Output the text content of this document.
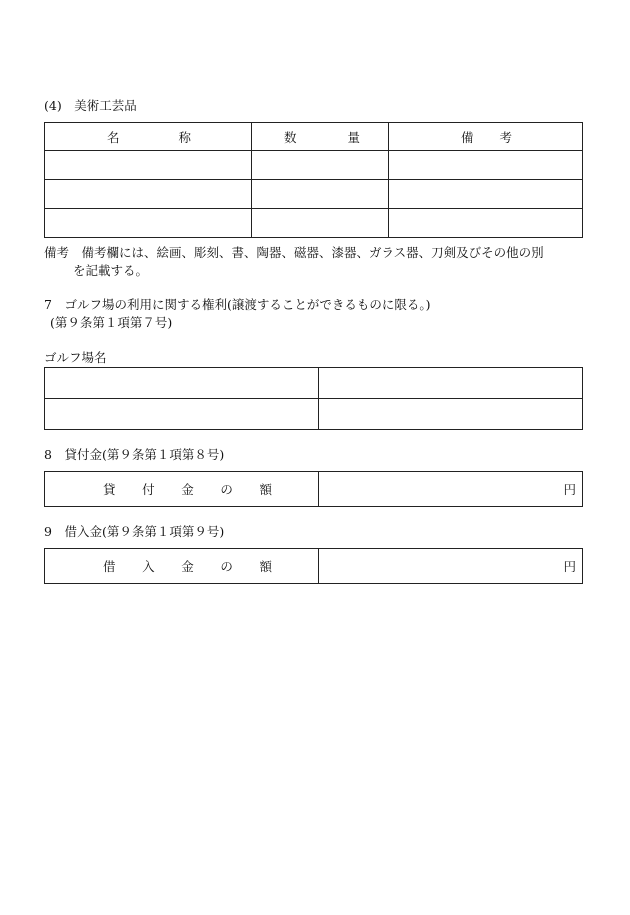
(4)　美術工芸品
名 称	数 量	備 考

備考　備考欄には、絵画、彫刻、書、陶器、磁器、漆器、ガラス器、刀剣及びその他の別
を記載する。
7　ゴルフ場の利用に関する権利(譲渡することができるものに限る。)
(第９条第１項第７号)
ゴルフ場名

8　貸付金(第９条第１項第８号)
貸 付 金 の 額	円
9　借入金(第９条第１項第９号)
借 入 金 の 額	円
